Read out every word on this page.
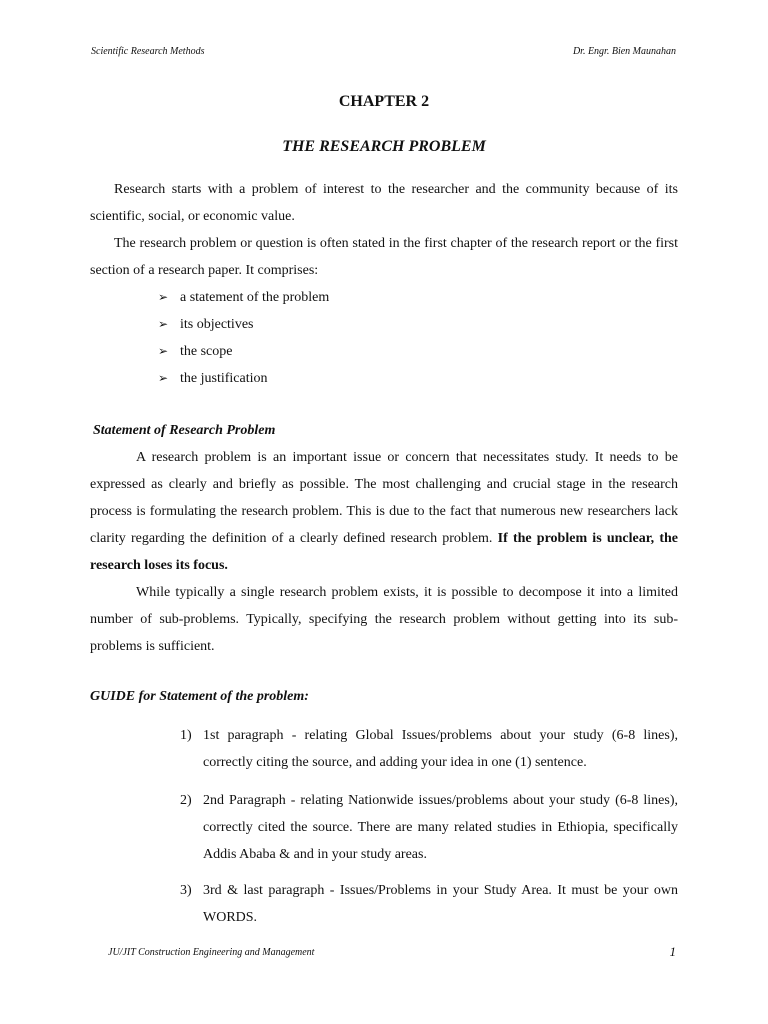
Scientific Research Methods	Dr. Engr. Bien Maunahan
CHAPTER 2
THE RESEARCH PROBLEM

Research starts with a problem of interest to the researcher and the community because of its scientific, social, or economic value.

The research problem or question is often stated in the first chapter of the research report or the first section of a research paper. It comprises:

➢ a statement of the problem
➢ its objectives
➢ the scope
➢ the justification
Statement of Research Problem

A research problem is an important issue or concern that necessitates study. It needs to be expressed as clearly and briefly as possible. The most challenging and crucial stage in the research process is formulating the research problem. This is due to the fact that numerous new researchers lack clarity regarding the definition of a clearly defined research problem. If the problem is unclear, the research loses its focus.

While typically a single research problem exists, it is possible to decompose it into a limited number of sub-problems. Typically, specifying the research problem without getting into its sub-problems is sufficient.

GUIDE for Statement of the problem:
1) 1st paragraph - relating Global Issues/problems about your study (6-8 lines), correctly citing the source, and adding your idea in one (1) sentence.
2) 2nd Paragraph - relating Nationwide issues/problems about your study (6-8 lines), correctly cited the source. There are many related studies in Ethiopia, specifically Addis Ababa & and in your study areas.
3) 3rd & last paragraph - Issues/Problems in your Study Area. It must be your own WORDS.
JU/JIT Construction Engineering and Management	1
